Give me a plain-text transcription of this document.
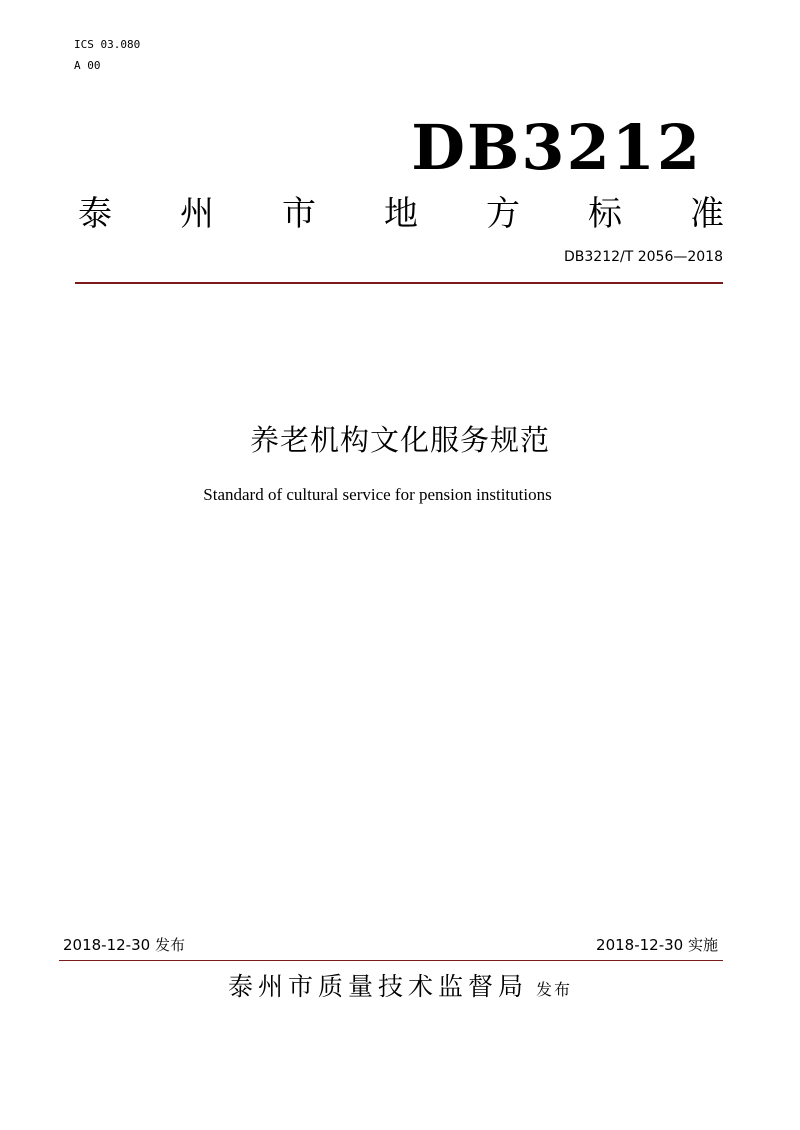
ICS 03.080
A 00
DB3212
泰 州 市 地 方 标 准
DB3212/T 2056—2018
养老机构文化服务规范
Standard of cultural service for pension institutions
2018-12-30 发布	2018-12-30 实施
泰州市质量技术监督局 发布
